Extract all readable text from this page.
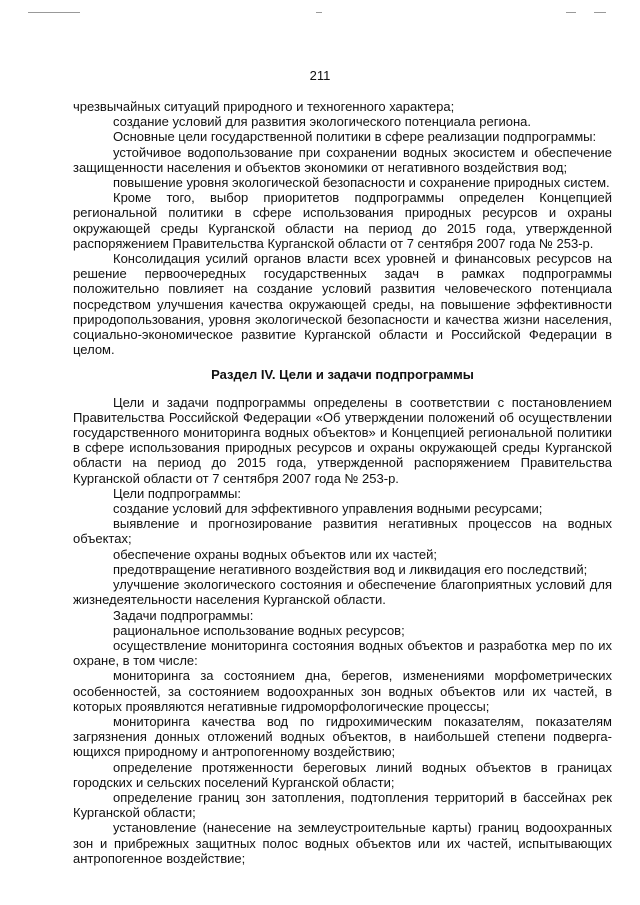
211

чрезвычайных ситуаций природного и техногенного характера;

создание условий для развития экологического потенциала региона.

Основные цели государственной политики в сфере реализации подпрограммы:

устойчивое водопользование при сохранении водных экосистем и обеспечение защищенности населения и объектов экономики от негативного воздействия вод;

повышение уровня экологической безопасности и сохранение природных систем.

Кроме того, выбор приоритетов подпрограммы определен Концепцией региональной политики в сфере использования природных ресурсов и охраны окружающей среды Курганской области на период до 2015 года, утвержденной распоряжением Правительства Курганской области от 7 сентября 2007 года № 253-р.

Консолидация усилий органов власти всех уровней и финансовых ресурсов на решение первоочередных государственных задач в рамках подпрограммы положительно повлияет на создание условий развития человеческого потенциала посредством улучшения качества окружающей среды, на повышение эффективности природопользования, уровня экологической безопасности и качества жизни населения, социально-экономическое развитие Курганской области и Российской Федерации в целом.

Раздел IV. Цели и задачи подпрограммы

Цели и задачи подпрограммы определены в соответствии с постановлением Правительства Российской Федерации «Об утверждении положений об осуществлении государственного мониторинга водных объектов» и Концепцией региональной политики в сфере использования природных ресурсов и охраны окружающей среды Курганской области на период до 2015 года, утвержденной распоряжением Правительства Курганской области от 7 сентября 2007 года № 253-р.

Цели подпрограммы:

создание условий для эффективного управления водными ресурсами;

выявление и прогнозирование развития негативных процессов на водных объектах;

обеспечение охраны водных объектов или их частей;

предотвращение негативного воздействия вод и ликвидация его последствий;

улучшение экологического состояния и обеспечение благоприятных условий для жизнедеятельности населения Курганской области.

Задачи подпрограммы:

рациональное использование водных ресурсов;

осуществление мониторинга состояния водных объектов и разработка мер по их охране, в том числе:

мониторинга за состоянием дна, берегов, изменениями морфометрических особенностей, за состоянием водоохранных зон водных объектов или их частей, в которых проявляются негативные гидроморфологические процессы;

мониторинга качества вод по гидрохимическим показателям, показателям загрязнения донных отложений водных объектов, в наибольшей степени подвергающихся природному и антропогенному воздействию;

определение протяженности береговых линий водных объектов в границах городских и сельских поселений Курганской области;

определение границ зон затопления, подтопления территорий в бассейнах рек Курганской области;

установление (нанесение на землеустроительные карты) границ водоохранных зон и прибрежных защитных полос водных объектов или их частей, испытывающих антропогенное воздействие;
